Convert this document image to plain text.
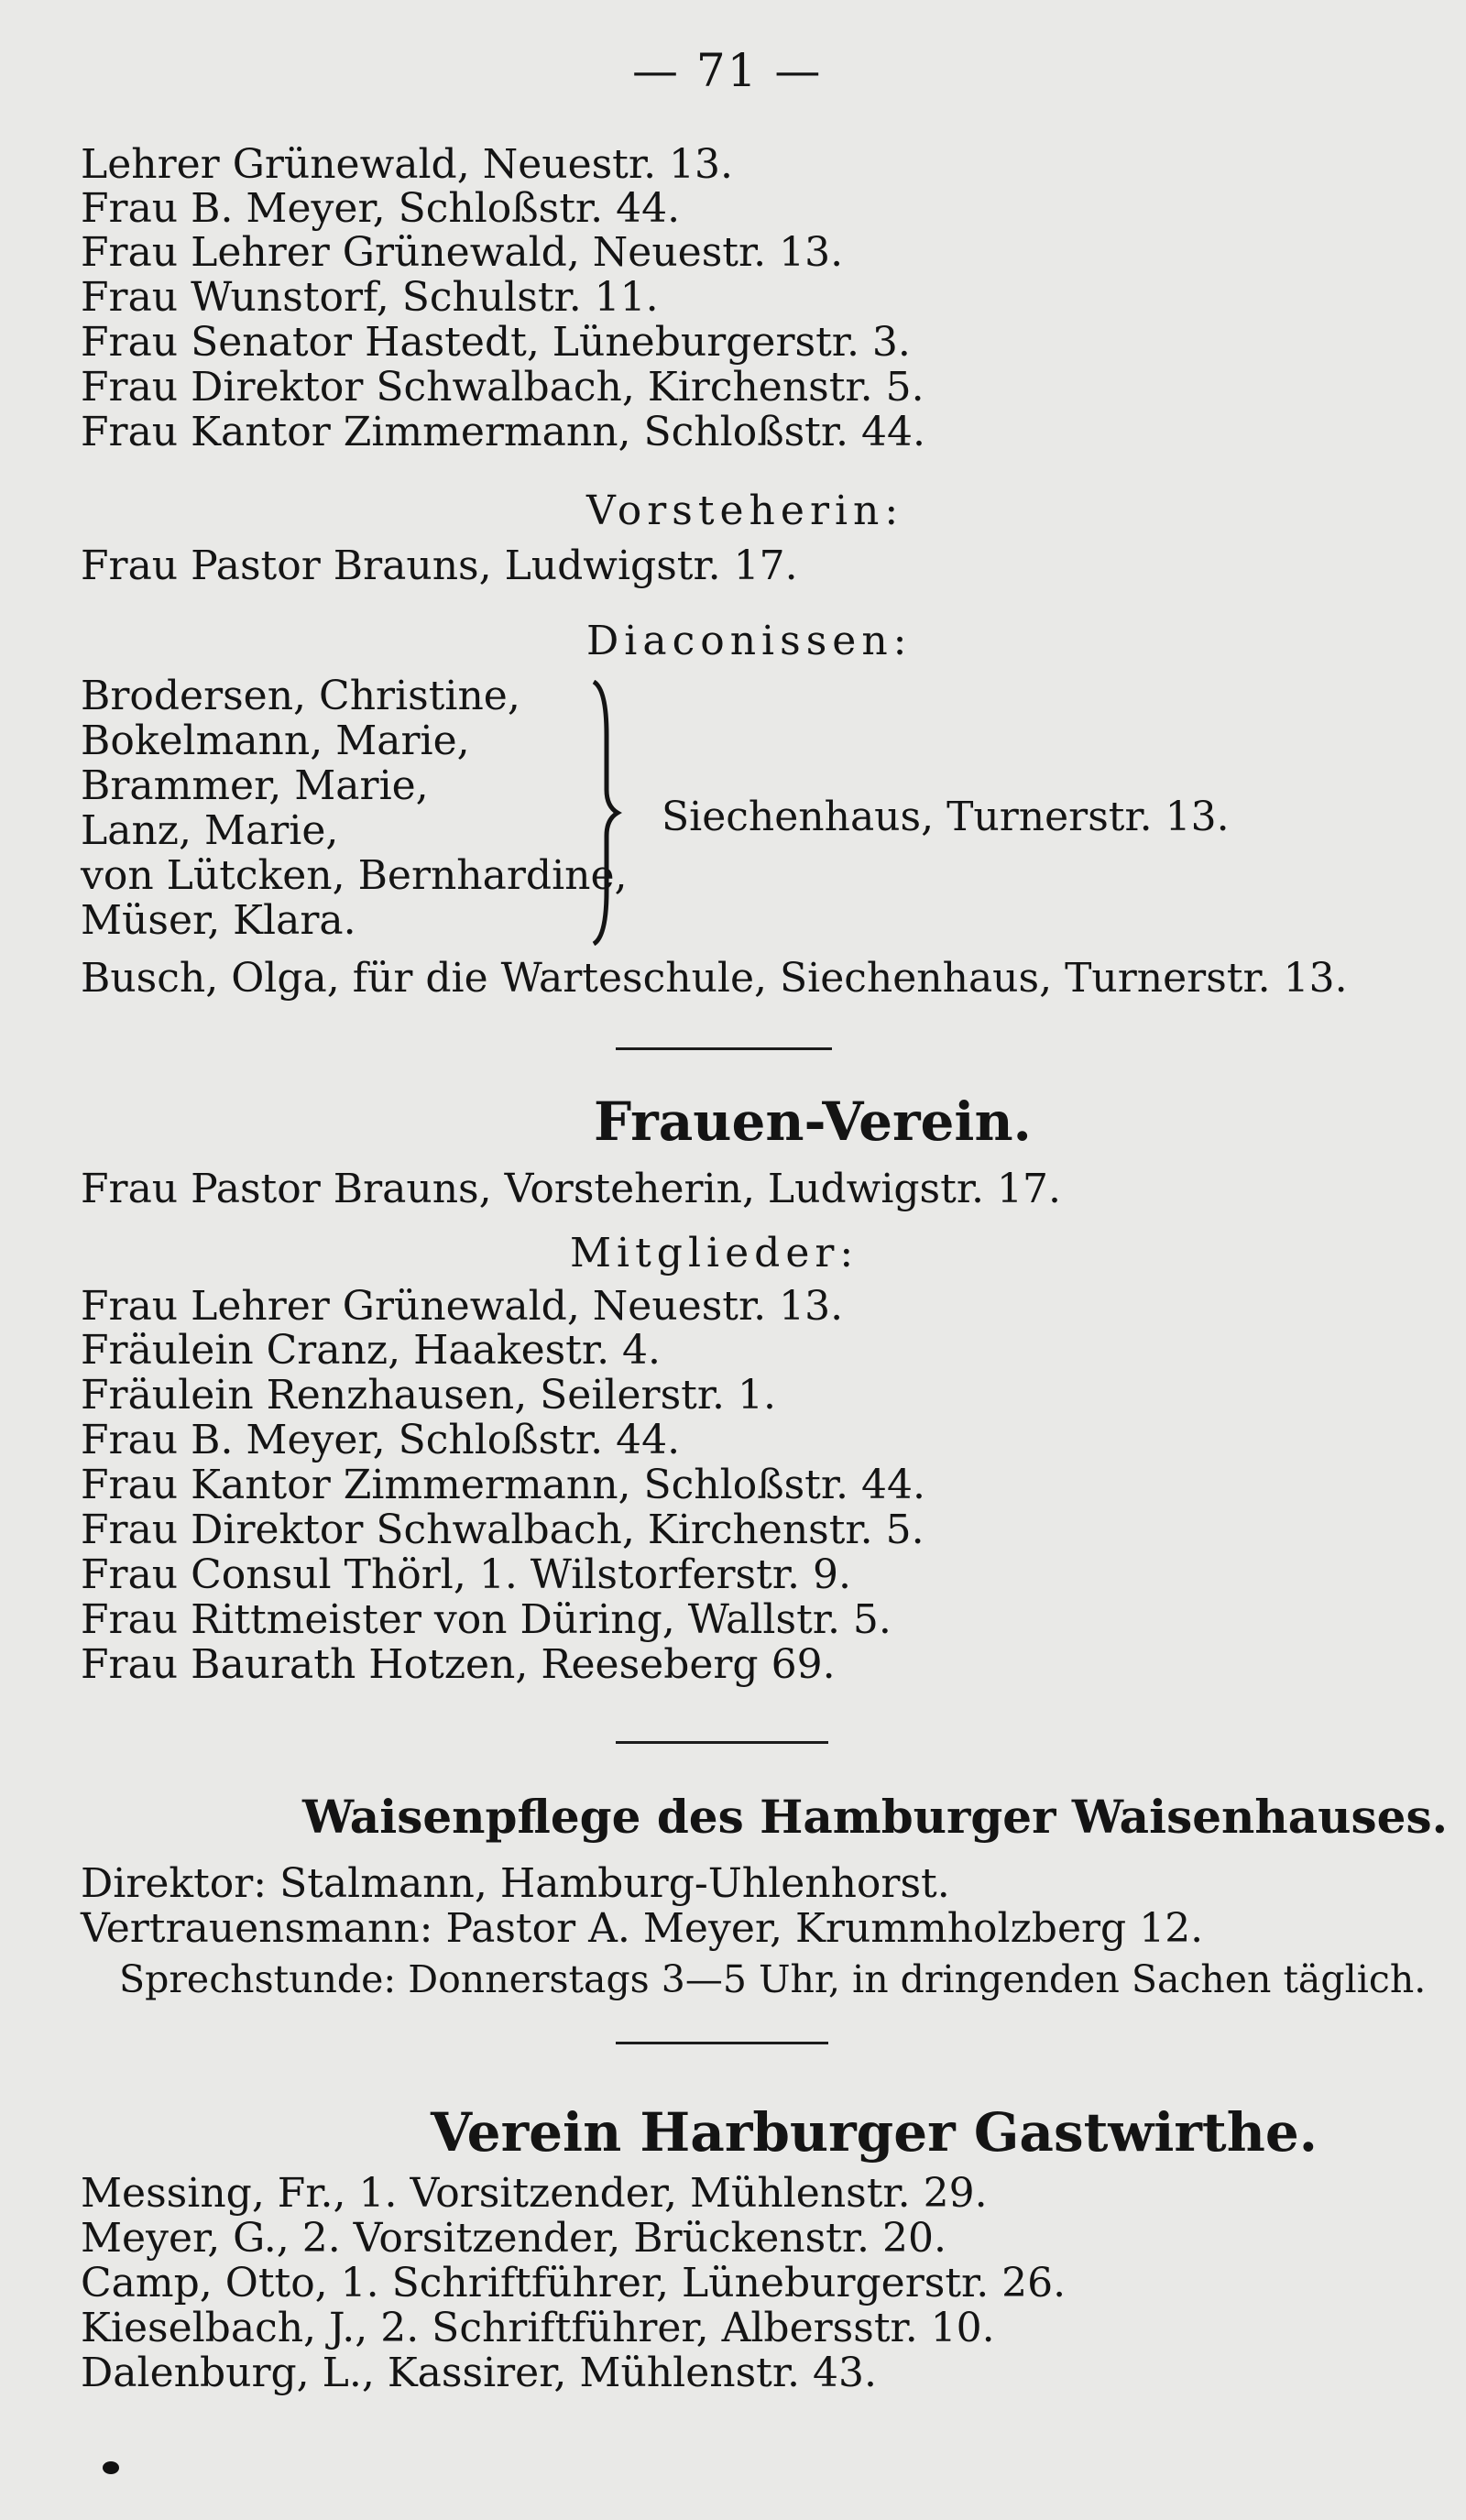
— 71 —
Lehrer Grünewald, Neuestr. 13.
Frau B. Meyer, Schloßstr. 44.
Frau Lehrer Grünewald, Neuestr. 13.
Frau Wunstorf, Schulstr. 11.
Frau Senator Hastedt, Lüneburgerstr. 3.
Frau Direktor Schwalbach, Kirchenstr. 5.
Frau Kantor Zimmermann, Schloßstr. 44.
Vorsteherin:
Frau Pastor Brauns, Ludwigstr. 17.
Diaconissen:
Brodersen, Christine,
Bokelmann, Marie,
Brammer, Marie,
Lanz, Marie,
von Lütcken, Bernhardine,
Müser, Klara.
Siechenhaus, Turnerstr. 13.
Busch, Olga, für die Warteschule, Siechenhaus, Turnerstr. 13.
Frauen-Verein.
Frau Pastor Brauns, Vorsteherin, Ludwigstr. 17.
Mitglieder:
Frau Lehrer Grünewald, Neuestr. 13.
Fräulein Cranz, Haakestr. 4.
Fräulein Renzhausen, Seilerstr. 1.
Frau B. Meyer, Schloßstr. 44.
Frau Kantor Zimmermann, Schloßstr. 44.
Frau Direktor Schwalbach, Kirchenstr. 5.
Frau Consul Thörl, 1. Wilstorferstr. 9.
Frau Rittmeister von Düring, Wallstr. 5.
Frau Baurath Hotzen, Reeseberg 69.
Waisenpflege des Hamburger Waisenhauses.
Direktor: Stalmann, Hamburg-Uhlenhorst.
Vertrauensmann: Pastor A. Meyer, Krummholzberg 12.
Sprechstunde: Donnerstags 3—5 Uhr, in dringenden Sachen täglich.
Verein Harburger Gastwirthe.
Messing, Fr., 1. Vorsitzender, Mühlenstr. 29.
Meyer, G., 2. Vorsitzender, Brückenstr. 20.
Camp, Otto, 1. Schriftführer, Lüneburgerstr. 26.
Kieselbach, J., 2. Schriftführer, Albersstr. 10.
Dalenburg, L., Kassirer, Mühlenstr. 43.
